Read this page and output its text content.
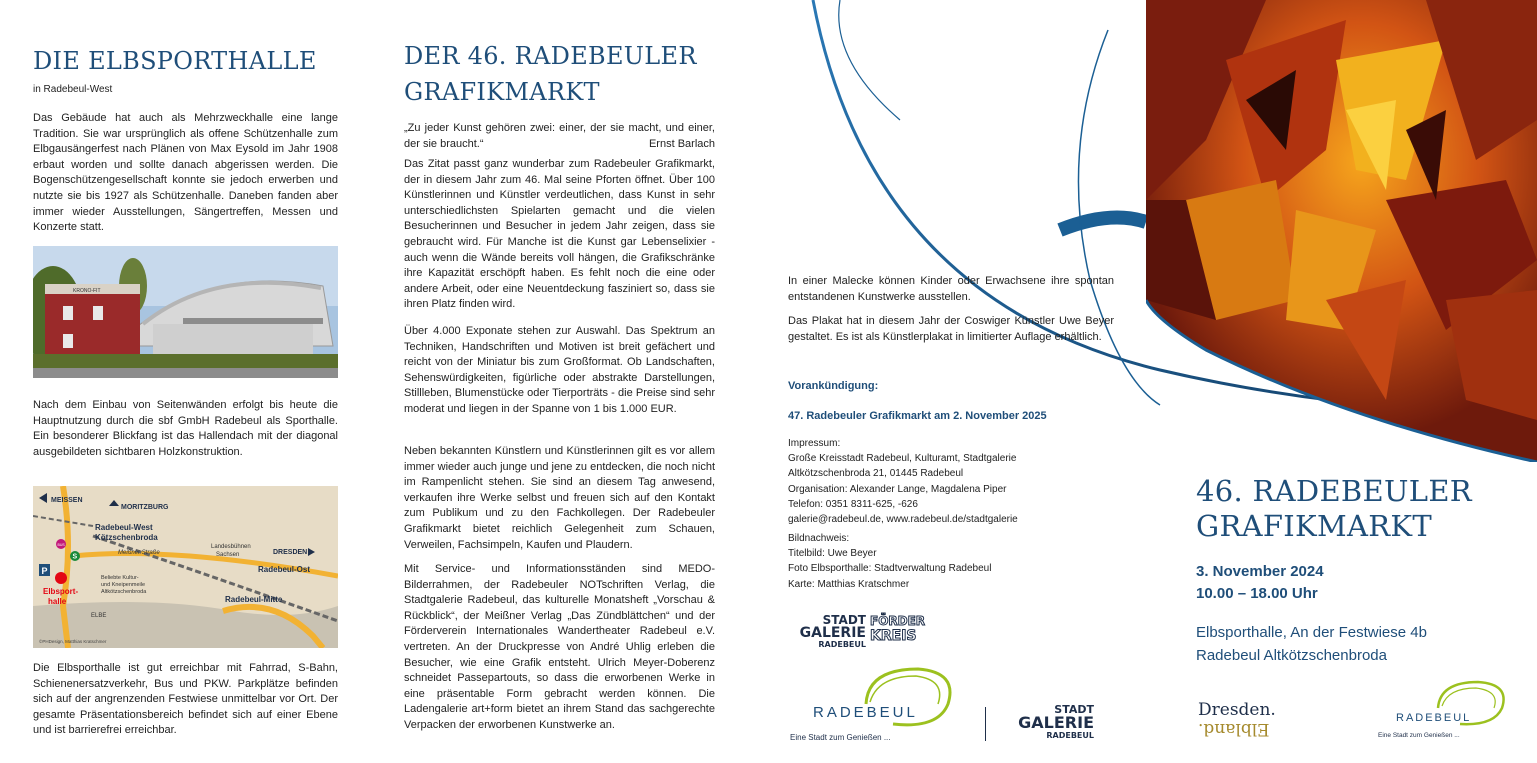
DIE ELBSPORTHALLE
in Radebeul-West

Das Gebäude hat auch als Mehrzweckhalle eine lange Tradition. Sie war ursprünglich als offene Schützenhalle zum Elbgausängerfest nach Plänen von Max Eysold im Jahr 1908 erbaut worden und sollte danach abgerissen werden. Die Bogenschützengesellschaft konnte sie jedoch erwerben und nutzte sie bis 1927 als Schützenhalle. Daneben fanden aber immer wieder Ausstellungen, Sängertreffen, Messen und Konzerte statt.

KRONO-FIT

Nach dem Einbau von Seitenwänden erfolgt bis heute die Hauptnutzung durch die sbf GmbH Radebeul als Sporthalle. Ein besonderer Blickfang ist das Hallendach mit der diagonal ausgebildeten sichtbaren Holzkonstruktion.

MEISSEN
MORITZBURG
Radebeul-West
Kötzschenbroda
Landesbühnen
Sachsen	DRESDEN
Meißner Straße
Radebeul-Ost
Radebeul-Mitte
Beliebte Kultur-
und Kneipenmeile
Altkötzschenbroda
P
Elbsport-
halle
ELBE
BUS
S
©PHDesign, Matthias Kratschmer

Die Elbsporthalle ist gut erreichbar mit Fahrrad, S-Bahn, Schienenersatzverkehr, Bus und PKW. Parkplätze befinden sich auf der angrenzenden Festwiese unmittelbar vor Ort. Der gesamte Präsentationsbereich befindet sich auf einer Ebene und ist barrierefrei erreichbar.

DER 46. RADEBEULER GRAFIKMARKT

„Zu jeder Kunst gehören zwei: einer, der sie macht, und einer, der sie braucht.“	Ernst Barlach

Das Zitat passt ganz wunderbar zum Radebeuler Grafikmarkt, der in diesem Jahr zum 46. Mal seine Pforten öffnet. Über 100 Künstlerinnen und Künstler verdeutlichen, dass Kunst in sehr unterschiedlichsten Spielarten gemacht und die vielen Besucherinnen und Besucher in jedem Jahr zeigen, dass sie gebraucht wird. Für Manche ist die Kunst gar Lebenselixier - auch wenn die Wände bereits voll hängen, die Grafikschränke ihre Kapazität erschöpft haben. Es fehlt noch die eine oder andere Arbeit, oder eine Neuentdeckung fasziniert so, dass sie ihren Platz finden wird.

Über 4.000 Exponate stehen zur Auswahl. Das Spektrum an Techniken, Handschriften und Motiven ist breit gefächert und reicht von der Miniatur bis zum Großformat. Ob Landschaften, Sehenswürdigkeiten, figürliche oder abstrakte Darstellungen, Stillleben, Blumenstücke oder Tierporträts - die Preise sind sehr moderat und liegen in der Spanne von 1 bis 1.000 EUR.

Neben bekannten Künstlern und Künstlerinnen gilt es vor allem immer wieder auch junge und jene zu entdecken, die noch nicht im Rampenlicht stehen. Sie sind an diesem Tag anwesend, verkaufen ihre Werke selbst und freuen sich auf den Kontakt zum Publikum und zu den Fachkollegen. Der Radebeuler Grafikmarkt bietet reichlich Gelegenheit zum Schauen, Verweilen, Fachsimpeln, Kaufen und Plaudern.

Mit Service- und Informationsständen sind MEDO-Bilderrahmen, der Radebeuler NOTschriften Verlag, die Stadtgalerie Radebeul, das kulturelle Monatsheft „Vorschau & Rückblick“, der Meißner Verlag „Das Zündblättchen“ und der Förderverein Internationales Wandertheater Radebeul e.V. vertreten. An der Druckpresse von André Uhlig erleben die Besucher, wie eine Grafik entsteht. Ulrich Meyer-Doberenz schneidet Passepartouts, so dass die erworbenen Werke in eine präsentable Form gebracht werden können. Die Ladengalerie art+form bietet an ihrem Stand das sachgerechte Verpacken der erworbenen Kunstwerke an.

In einer Malecke können Kinder oder Erwachsene ihre spontan entstandenen Kunstwerke ausstellen.

Das Plakat hat in diesem Jahr der Coswiger Künstler Uwe Beyer gestaltet. Es ist als Künstlerplakat in limitierter Auflage erhältlich.

Vorankündigung:
47. Radebeuler Grafikmarkt am 2. November 2025
Impressum:
Große Kreisstadt Radebeul, Kulturamt, Stadtgalerie
Altkötzschenbroda 21, 01445 Radebeul
Organisation: Alexander Lange, Magdalena Piper
Telefon: 0351 8311-625, -626
galerie@radebeul.de, www.radebeul.de/stadtgalerie
Bildnachweis:
Titelbild: Uwe Beyer
Foto Elbsporthalle: Stadtverwaltung Radebeul
Karte: Matthias Kratschmer
STADT
GALERIE
RADEBEUL
FÖRDER
KREIS
RADEBEUL
Eine Stadt zum Genießen ...
STADT
GALERIE
RADEBEUL
46. RADEBEULER GRAFIKMARKT
3. November 2024
10.00 – 18.00 Uhr
Elbsporthalle, An der Festwiese 4b
Radebeul Altkötzschenbroda
Dresden.
Elbland.
RADEBEUL
Eine Stadt zum Genießen ...
